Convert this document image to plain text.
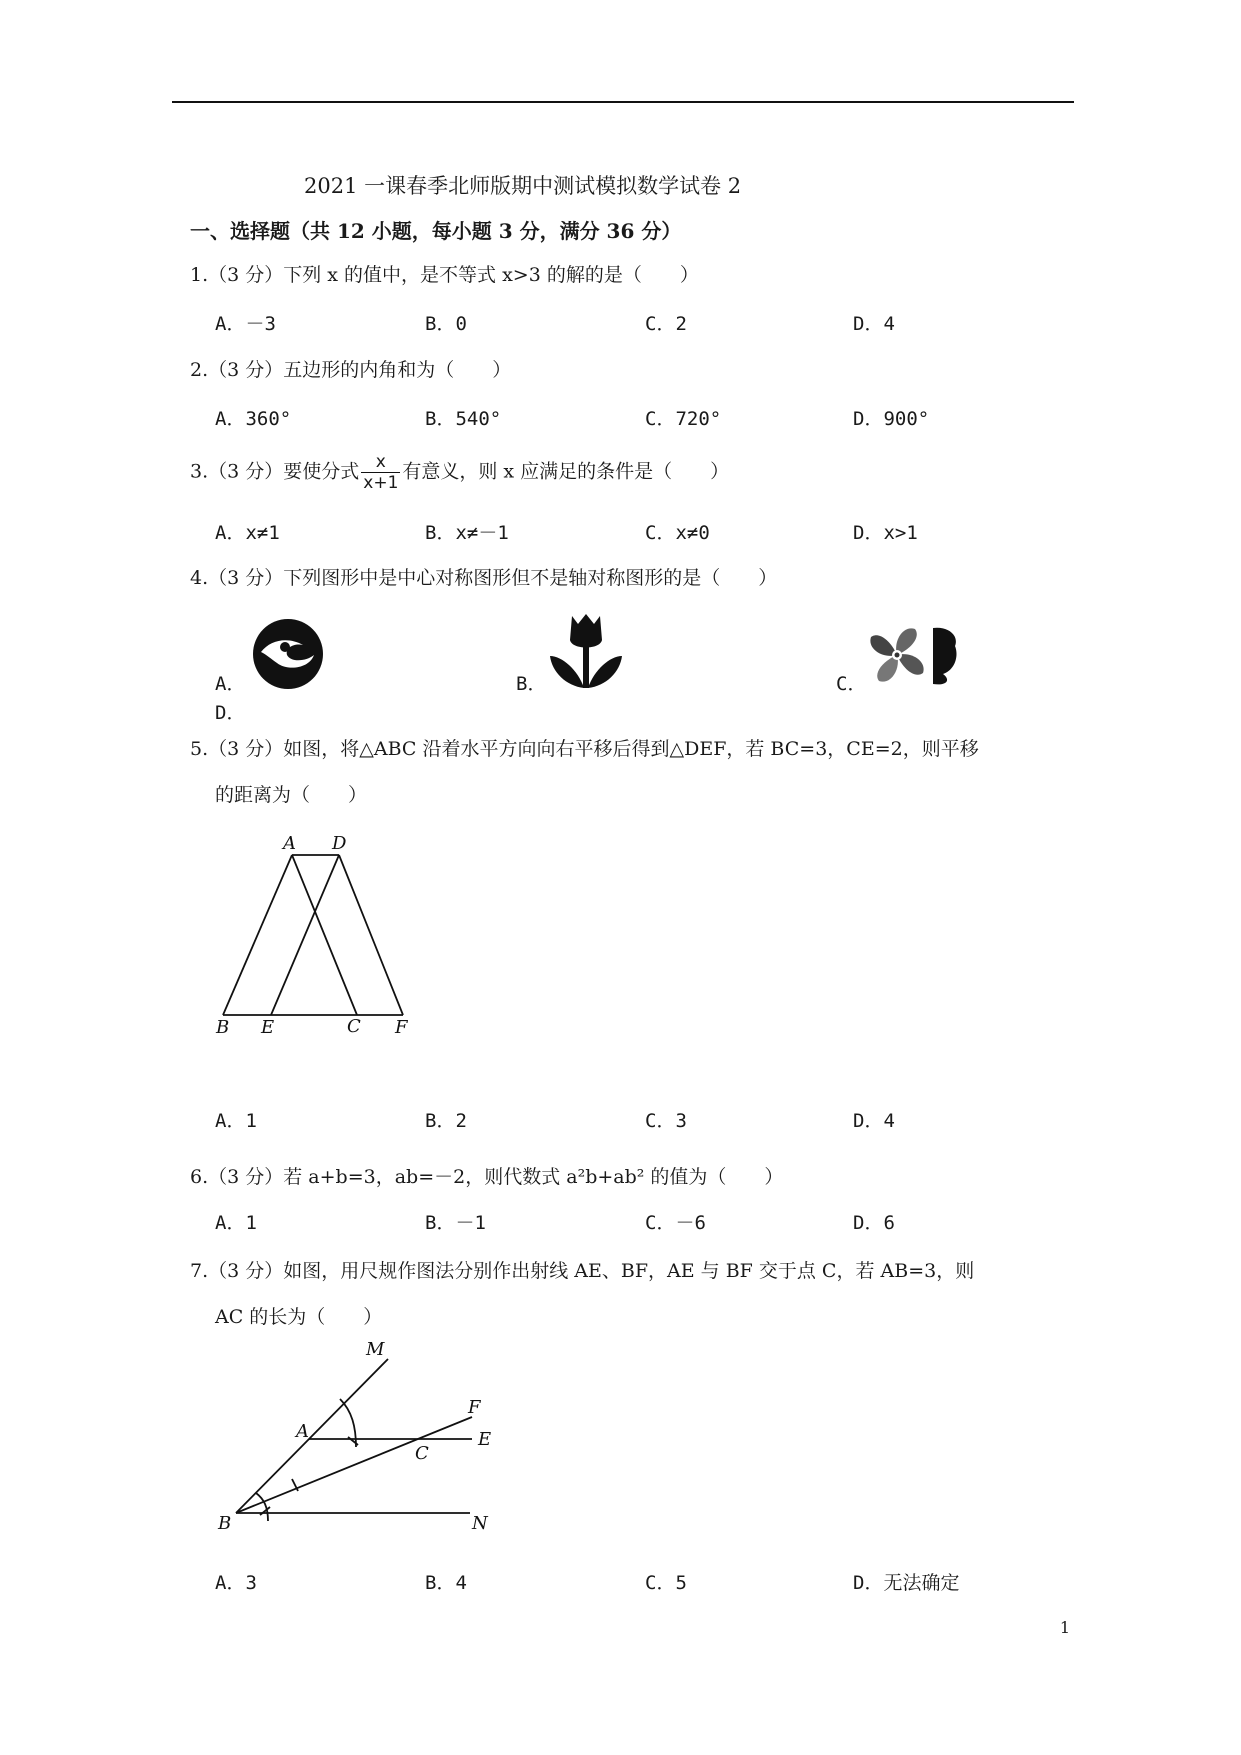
2021 一课春季北师版期中测试模拟数学试卷 2
一、选择题（共 12 小题，每小题 3 分，满分 36 分）
1.（3 分）下列 x 的值中，是不等式 x>3 的解的是（　　）
A．－3	B．0	C．2	D．4
2.（3 分）五边形的内角和为（　　）
A．360°	B．540°	C．720°	D．900°
3.（3 分）要使分式 $\frac{x}{x+1}$ 有意义，则 x 应满足的条件是（　　）
A．x≠1	B．x≠－1	C．x≠0	D．x>1
4.（3 分）下列图形中是中心对称图形但不是轴对称图形的是（　　）
A．	B．	C．
D．
5.（3 分）如图，将△ABC 沿着水平方向向右平移后得到△DEF，若 BC=3，CE=2，则平移
的距离为（　　）
A D
B E	C F
A．1	B．2	C．3	D．4
6.（3 分）若 a+b=3，ab=－2，则代数式 a²b+ab² 的值为（　　）
A．1	B．－1	C．－6	D．6
7.（3 分）如图，用尺规作图法分别作出射线 AE、BF，AE 与 BF 交于点 C，若 AB=3，则
AC 的长为（　　）
M
F
A
C
E
B	N
A．3	B．4	C．5	D．无法确定
1
